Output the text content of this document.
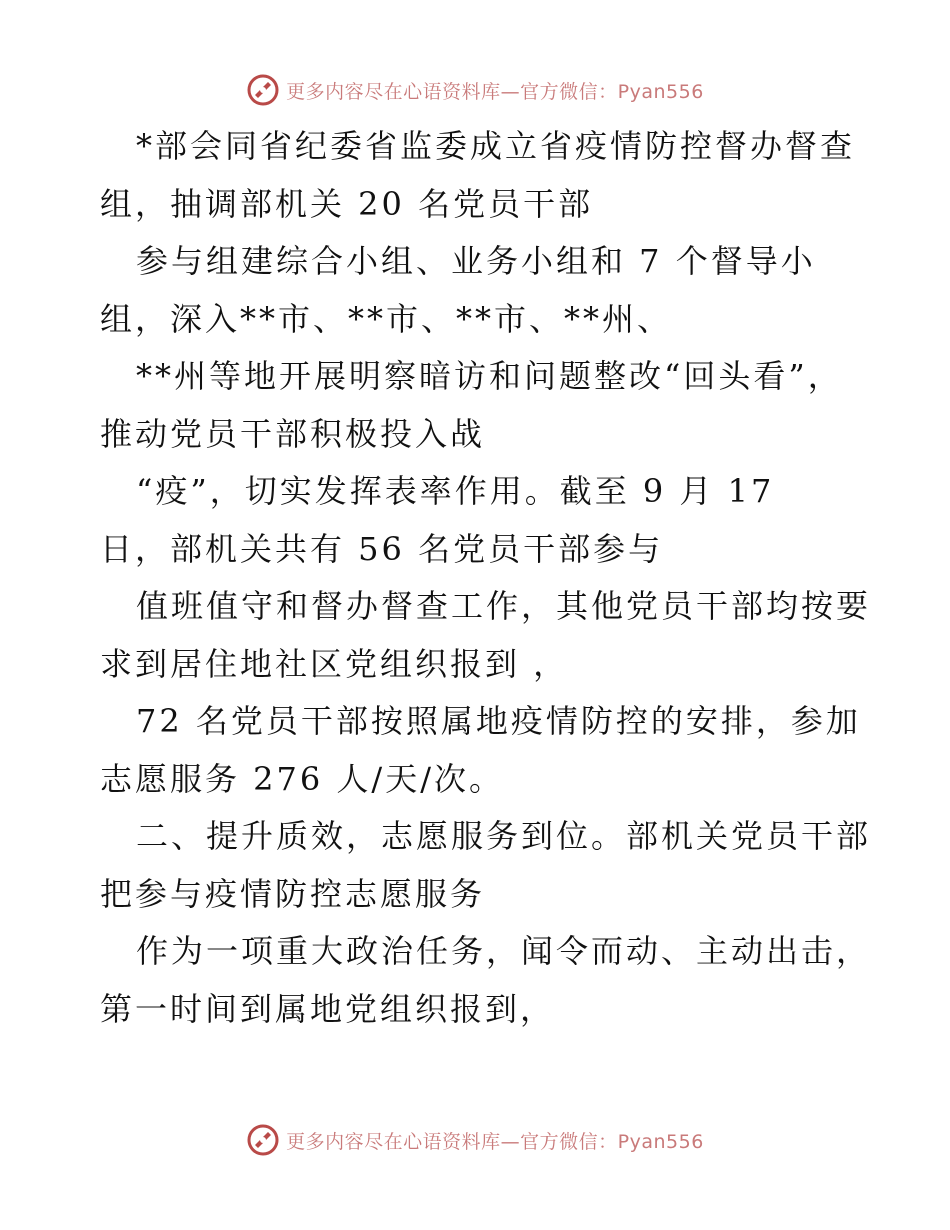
更多内容尽在心语资料库—官方微信：Pyan556
*部会同省纪委省监委成立省疫情防控督办督查
组，抽调部机关 20 名党员干部
参与组建综合小组、业务小组和 7 个督导小
组，深入**市、**市、**市、**州、
**州等地开展明察暗访和问题整改“回头看”，
推动党员干部积极投入战
“疫”，切实发挥表率作用。截至 9 月 17
日，部机关共有 56 名党员干部参与
值班值守和督办督查工作，其他党员干部均按要
求到居住地社区党组织报到 ，
72 名党员干部按照属地疫情防控的安排，参加
志愿服务 276 人/天/次。
二、提升质效，志愿服务到位。部机关党员干部
把参与疫情防控志愿服务
作为一项重大政治任务，闻令而动、主动出击，
第一时间到属地党组织报到，
更多内容尽在心语资料库—官方微信：Pyan556
